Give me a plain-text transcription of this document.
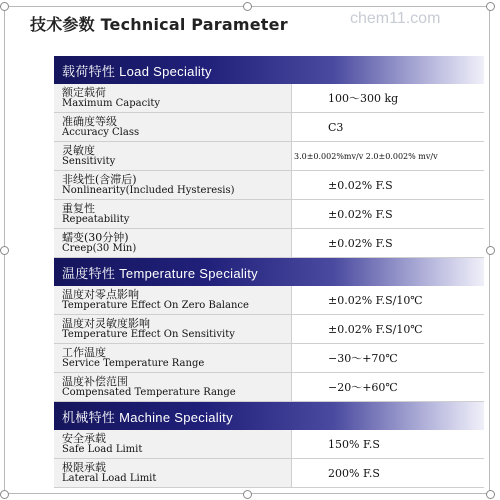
技术参数 Technical Parameter	chem11.com
载荷特性 Load Speciality
额定载荷
Maximum Capacity	100～300 kg
准确度等级
Accuracy Class	C3
灵敏度
Sensitivity	3.0±0.002%mv/v 2.0±0.002% mv/v
非线性(含滞后)
Nonlinearity(Included Hysteresis)	±0.02% F.S
重复性
Repeatability	±0.02% F.S
蠕变(30分钟)
Creep(30 Min)	±0.02% F.S
温度特性 Temperature Speciality
温度对零点影响
Temperature Effect On Zero Balance	±0.02% F.S/10℃
温度对灵敏度影响
Temperature Effect On Sensitivity	±0.02% F.S/10℃
工作温度
Service Temperature Range	−30～+70℃
温度补偿范围
Compensated Temperature Range	−20～+60℃
机械特性 Machine Speciality
安全承载
Safe Load Limit	150% F.S
极限承载
Lateral Load Limit	200% F.S
